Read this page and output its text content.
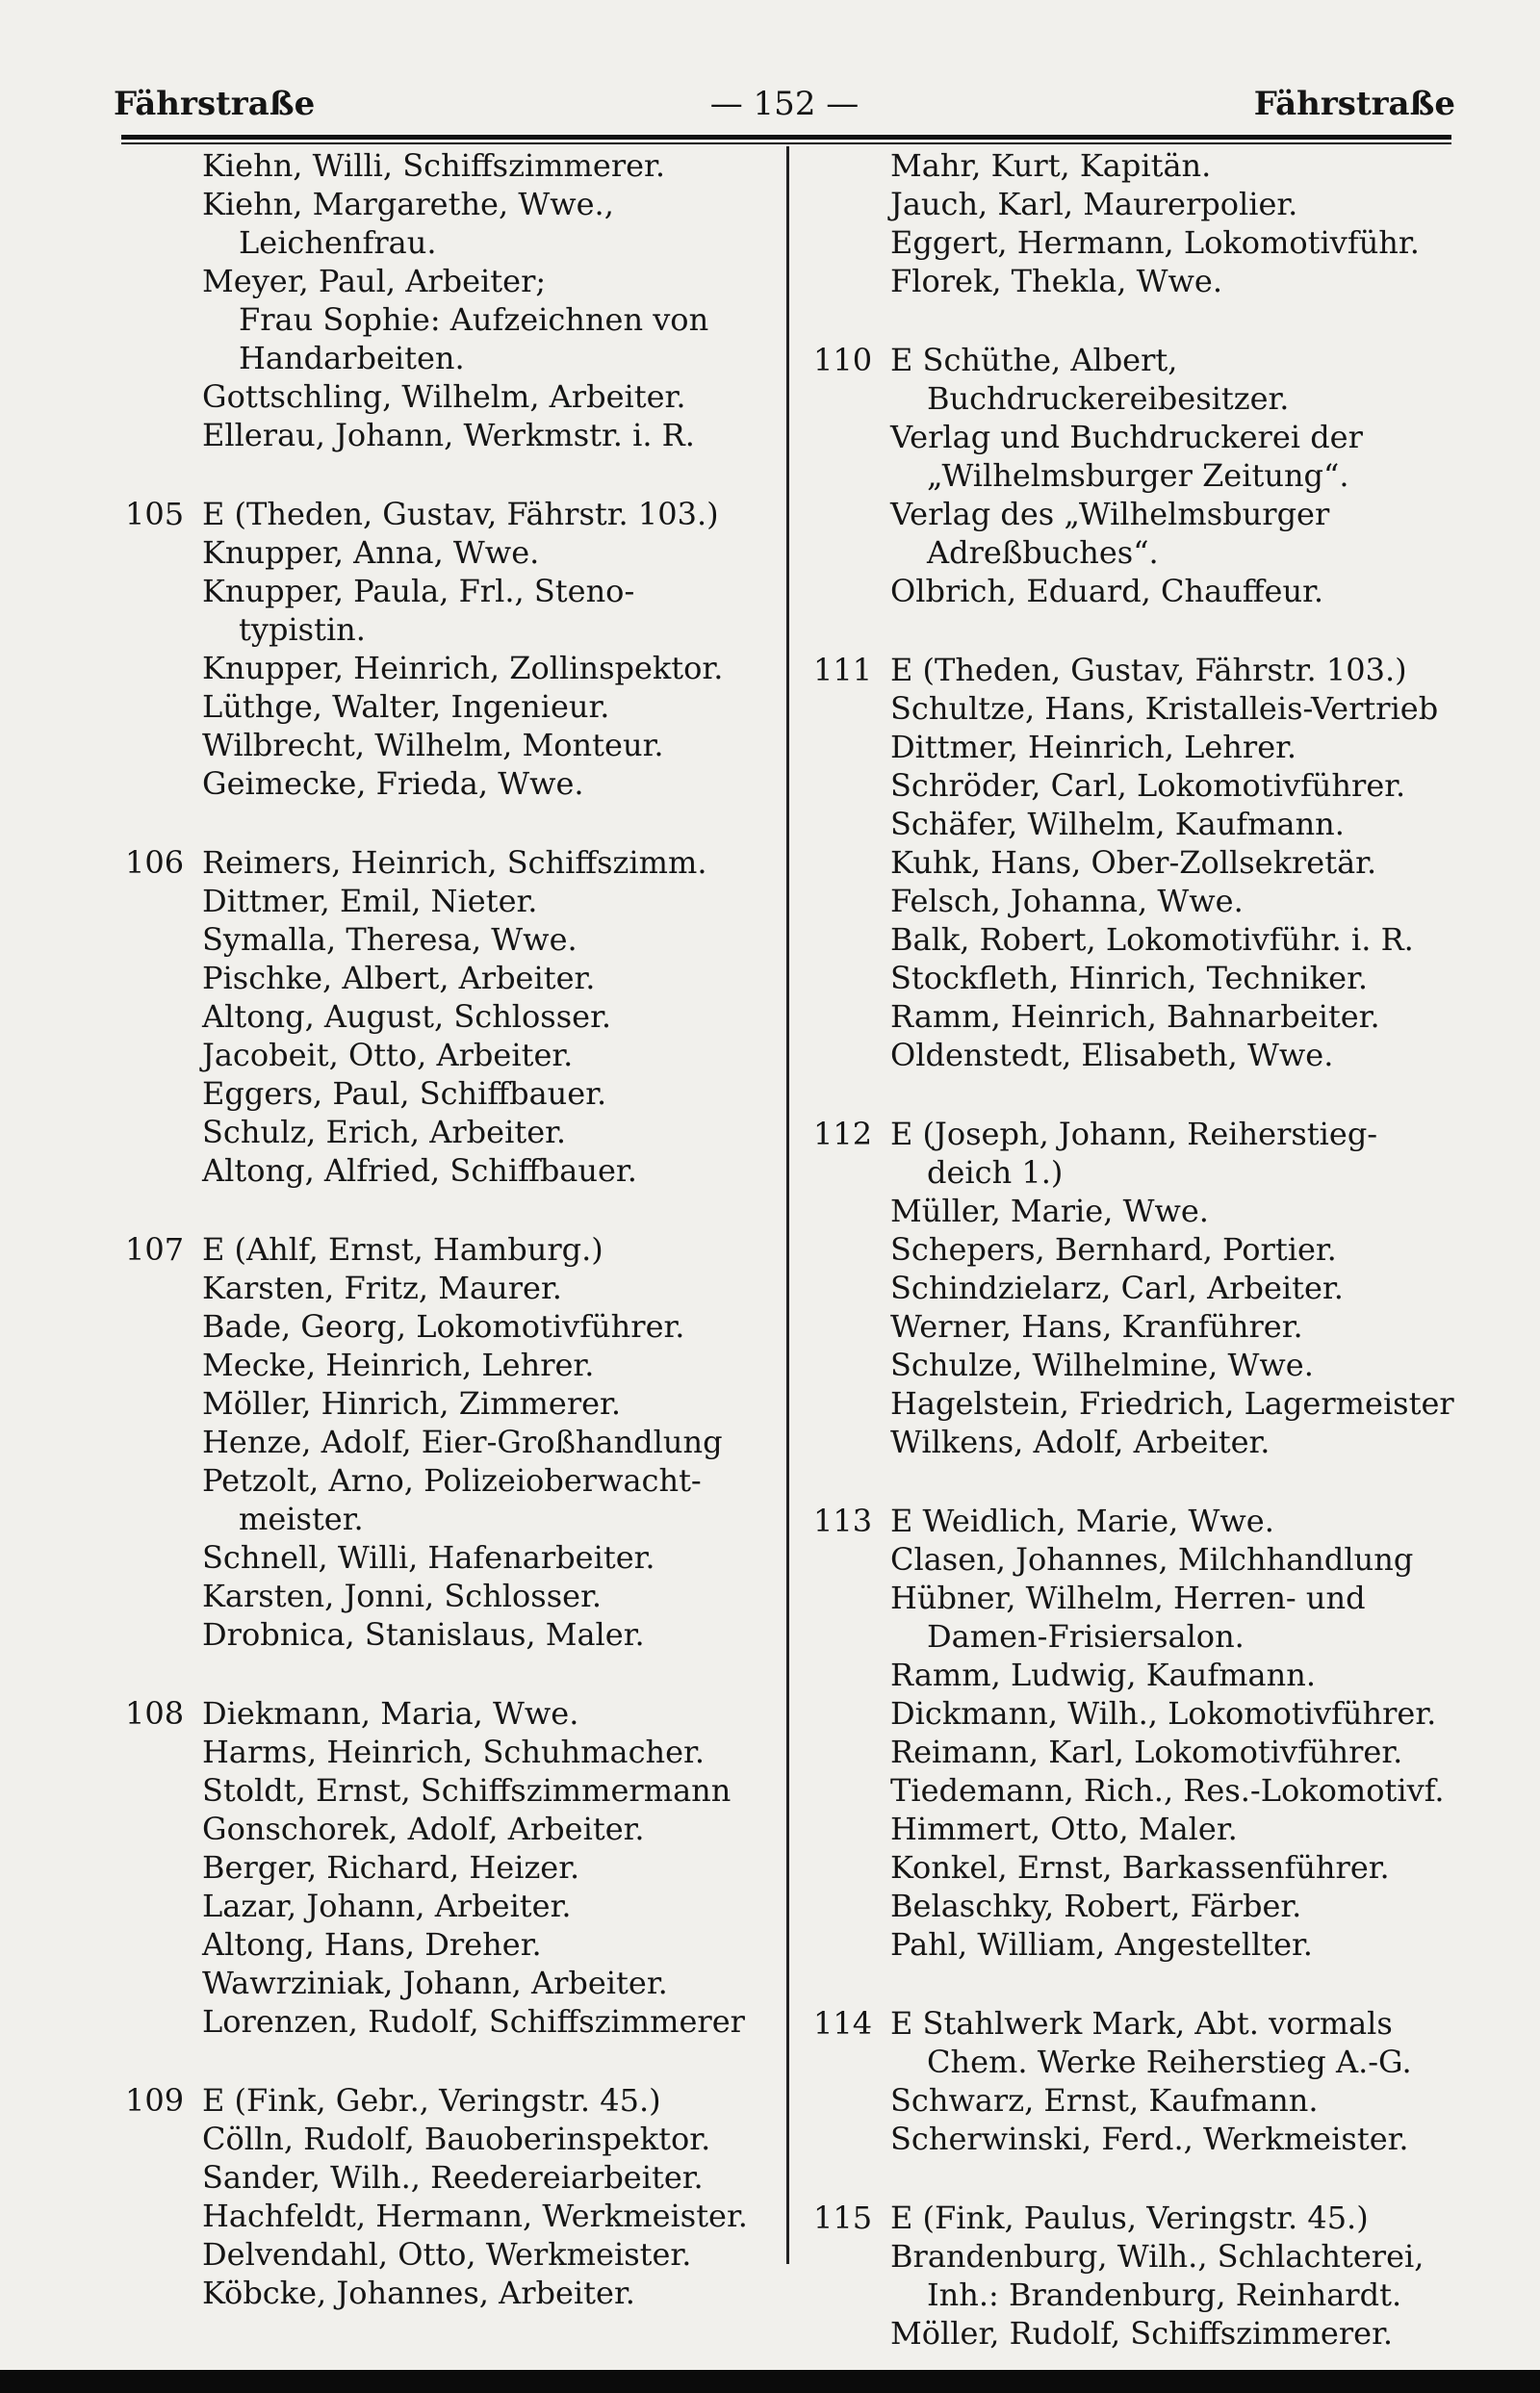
Fährstraße	— 152 —	Fährstraße
Kiehn, Willi, Schiffszimmerer.
Kiehn, Margarethe, Wwe.,
Leichenfrau.
Meyer, Paul, Arbeiter;
Frau Sophie: Aufzeichnen von
Handarbeiten.
Gottschling, Wilhelm, Arbeiter.
Ellerau, Johann, Werkmstr. i. R.
105 E (Theden, Gustav, Fährstr. 103.)
Knupper, Anna, Wwe.
Knupper, Paula, Frl., Steno-
typistin.
Knupper, Heinrich, Zollinspektor.
Lüthge, Walter, Ingenieur.
Wilbrecht, Wilhelm, Monteur.
Geimecke, Frieda, Wwe.
106 Reimers, Heinrich, Schiffszimm.
Dittmer, Emil, Nieter.
Symalla, Theresa, Wwe.
Pischke, Albert, Arbeiter.
Altong, August, Schlosser.
Jacobeit, Otto, Arbeiter.
Eggers, Paul, Schiffbauer.
Schulz, Erich, Arbeiter.
Altong, Alfried, Schiffbauer.
107 E (Ahlf, Ernst, Hamburg.)
Karsten, Fritz, Maurer.
Bade, Georg, Lokomotivführer.
Mecke, Heinrich, Lehrer.
Möller, Hinrich, Zimmerer.
Henze, Adolf, Eier-Großhandlung
Petzolt, Arno, Polizeioberwacht-
meister.
Schnell, Willi, Hafenarbeiter.
Karsten, Jonni, Schlosser.
Drobnica, Stanislaus, Maler.
108 Diekmann, Maria, Wwe.
Harms, Heinrich, Schuhmacher.
Stoldt, Ernst, Schiffszimmermann
Gonschorek, Adolf, Arbeiter.
Berger, Richard, Heizer.
Lazar, Johann, Arbeiter.
Altong, Hans, Dreher.
Wawrziniak, Johann, Arbeiter.
Lorenzen, Rudolf, Schiffszimmerer
109 E (Fink, Gebr., Veringstr. 45.)
Cölln, Rudolf, Bauoberinspektor.
Sander, Wilh., Reedereiarbeiter.
Hachfeldt, Hermann, Werkmeister.
Delvendahl, Otto, Werkmeister.
Köbcke, Johannes, Arbeiter.
Mahr, Kurt, Kapitän.
Jauch, Karl, Maurerpolier.
Eggert, Hermann, Lokomotivführ.
Florek, Thekla, Wwe.
110 E Schüthe, Albert,
Buchdruckereibesitzer.
Verlag und Buchdruckerei der
„Wilhelmsburger Zeitung“.
Verlag des „Wilhelmsburger
Adreßbuches“.
Olbrich, Eduard, Chauffeur.
111 E (Theden, Gustav, Fährstr. 103.)
Schultze, Hans, Kristalleis-Vertrieb
Dittmer, Heinrich, Lehrer.
Schröder, Carl, Lokomotivführer.
Schäfer, Wilhelm, Kaufmann.
Kuhk, Hans, Ober-Zollsekretär.
Felsch, Johanna, Wwe.
Balk, Robert, Lokomotivführ. i. R.
Stockfleth, Hinrich, Techniker.
Ramm, Heinrich, Bahnarbeiter.
Oldenstedt, Elisabeth, Wwe.
112 E (Joseph, Johann, Reiherstieg-
deich 1.)
Müller, Marie, Wwe.
Schepers, Bernhard, Portier.
Schindzielarz, Carl, Arbeiter.
Werner, Hans, Kranführer.
Schulze, Wilhelmine, Wwe.
Hagelstein, Friedrich, Lagermeister
Wilkens, Adolf, Arbeiter.
113 E Weidlich, Marie, Wwe.
Clasen, Johannes, Milchhandlung
Hübner, Wilhelm, Herren- und
Damen-Frisiersalon.
Ramm, Ludwig, Kaufmann.
Dickmann, Wilh., Lokomotivführer.
Reimann, Karl, Lokomotivführer.
Tiedemann, Rich., Res.-Lokomotivf.
Himmert, Otto, Maler.
Konkel, Ernst, Barkassenführer.
Belaschky, Robert, Färber.
Pahl, William, Angestellter.
114 E Stahlwerk Mark, Abt. vormals
Chem. Werke Reiherstieg A.-G.
Schwarz, Ernst, Kaufmann.
Scherwinski, Ferd., Werkmeister.
115 E (Fink, Paulus, Veringstr. 45.)
Brandenburg, Wilh., Schlachterei,
Inh.: Brandenburg, Reinhardt.
Möller, Rudolf, Schiffszimmerer.
